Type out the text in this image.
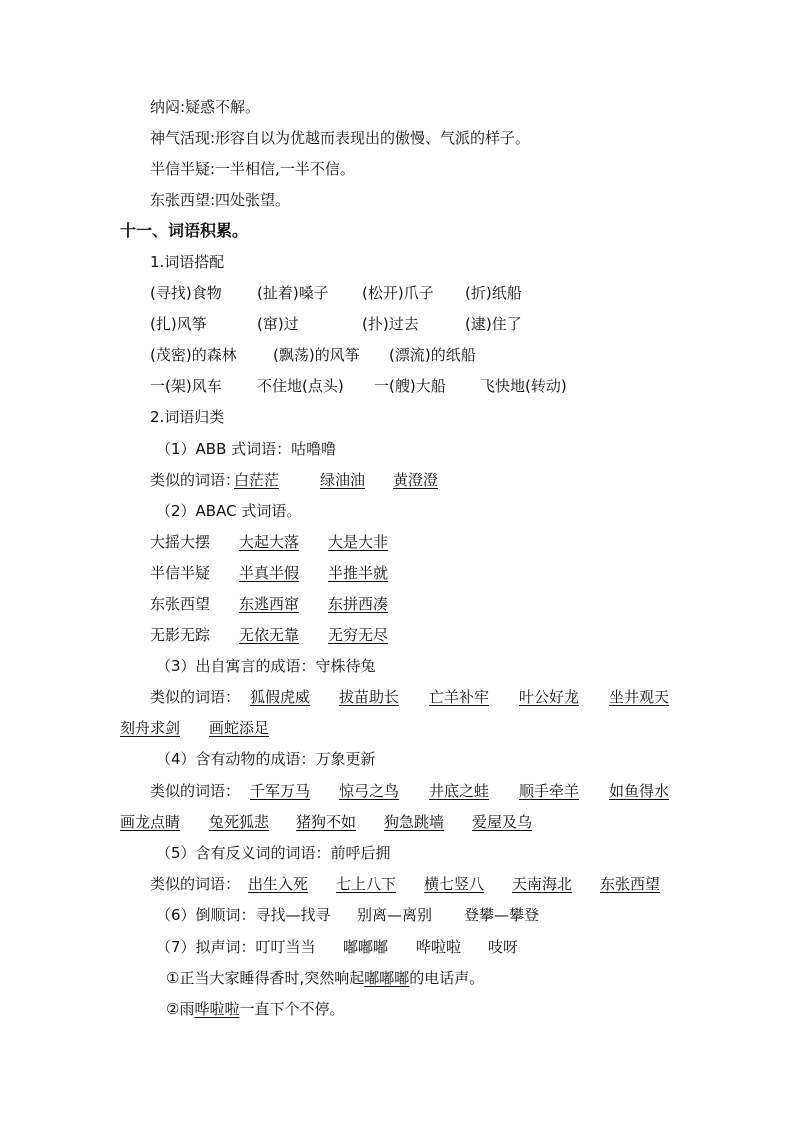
纳闷:疑惑不解。
神气活现:形容自以为优越而表现出的傲慢、气派的样子。
半信半疑:一半相信,一半不信。
东张西望:四处张望。
十一、词语积累。
1.词语搭配
(寻找)食物 (扯着)嗓子 (松开)爪子 (折)纸船
(扎)风筝	(窜)过	(扑)过去	(逮)住了
(茂密)的森林 (飘荡)的风筝 (漂流)的纸船
一(架)风车 不住地(点头) 一(艘)大船 飞快地(转动)
2.词语归类
（1）ABB 式词语：咕噜噜
类似的词语：
白茫茫	绿油油 黄澄澄
（2）ABAC 式词语。
大摇大摆 大起大落 大是大非
半信半疑 半真半假 半推半就
东张西望 东逃西窜 东拼西凑
无影无踪 无依无靠 无穷无尽
（3）出自寓言的成语：守株待兔
类似的词语： 狐假虎威 拔苗助长 亡羊补牢 叶公好龙 坐井观天
刻舟求剑 画蛇添足
（4）含有动物的成语：万象更新
类似的词语： 千军万马 惊弓之鸟 井底之蛙 顺手牵羊 如鱼得水
画龙点睛 兔死狐悲 猪狗不如 狗急跳墙 爱屋及乌
（5）含有反义词的词语：前呼后拥
类似的词语： 出生入死 七上八下 横七竖八 天南海北 东张西望
（6）倒顺词：寻找—找寻 别离—离别 登攀—攀登
（7）拟声词：叮叮当当 嘟嘟嘟 哗啦啦 吱呀
①正当大家睡得香时,突然响起嘟嘟嘟的电话声。
②雨哗啦啦一直下个不停。
